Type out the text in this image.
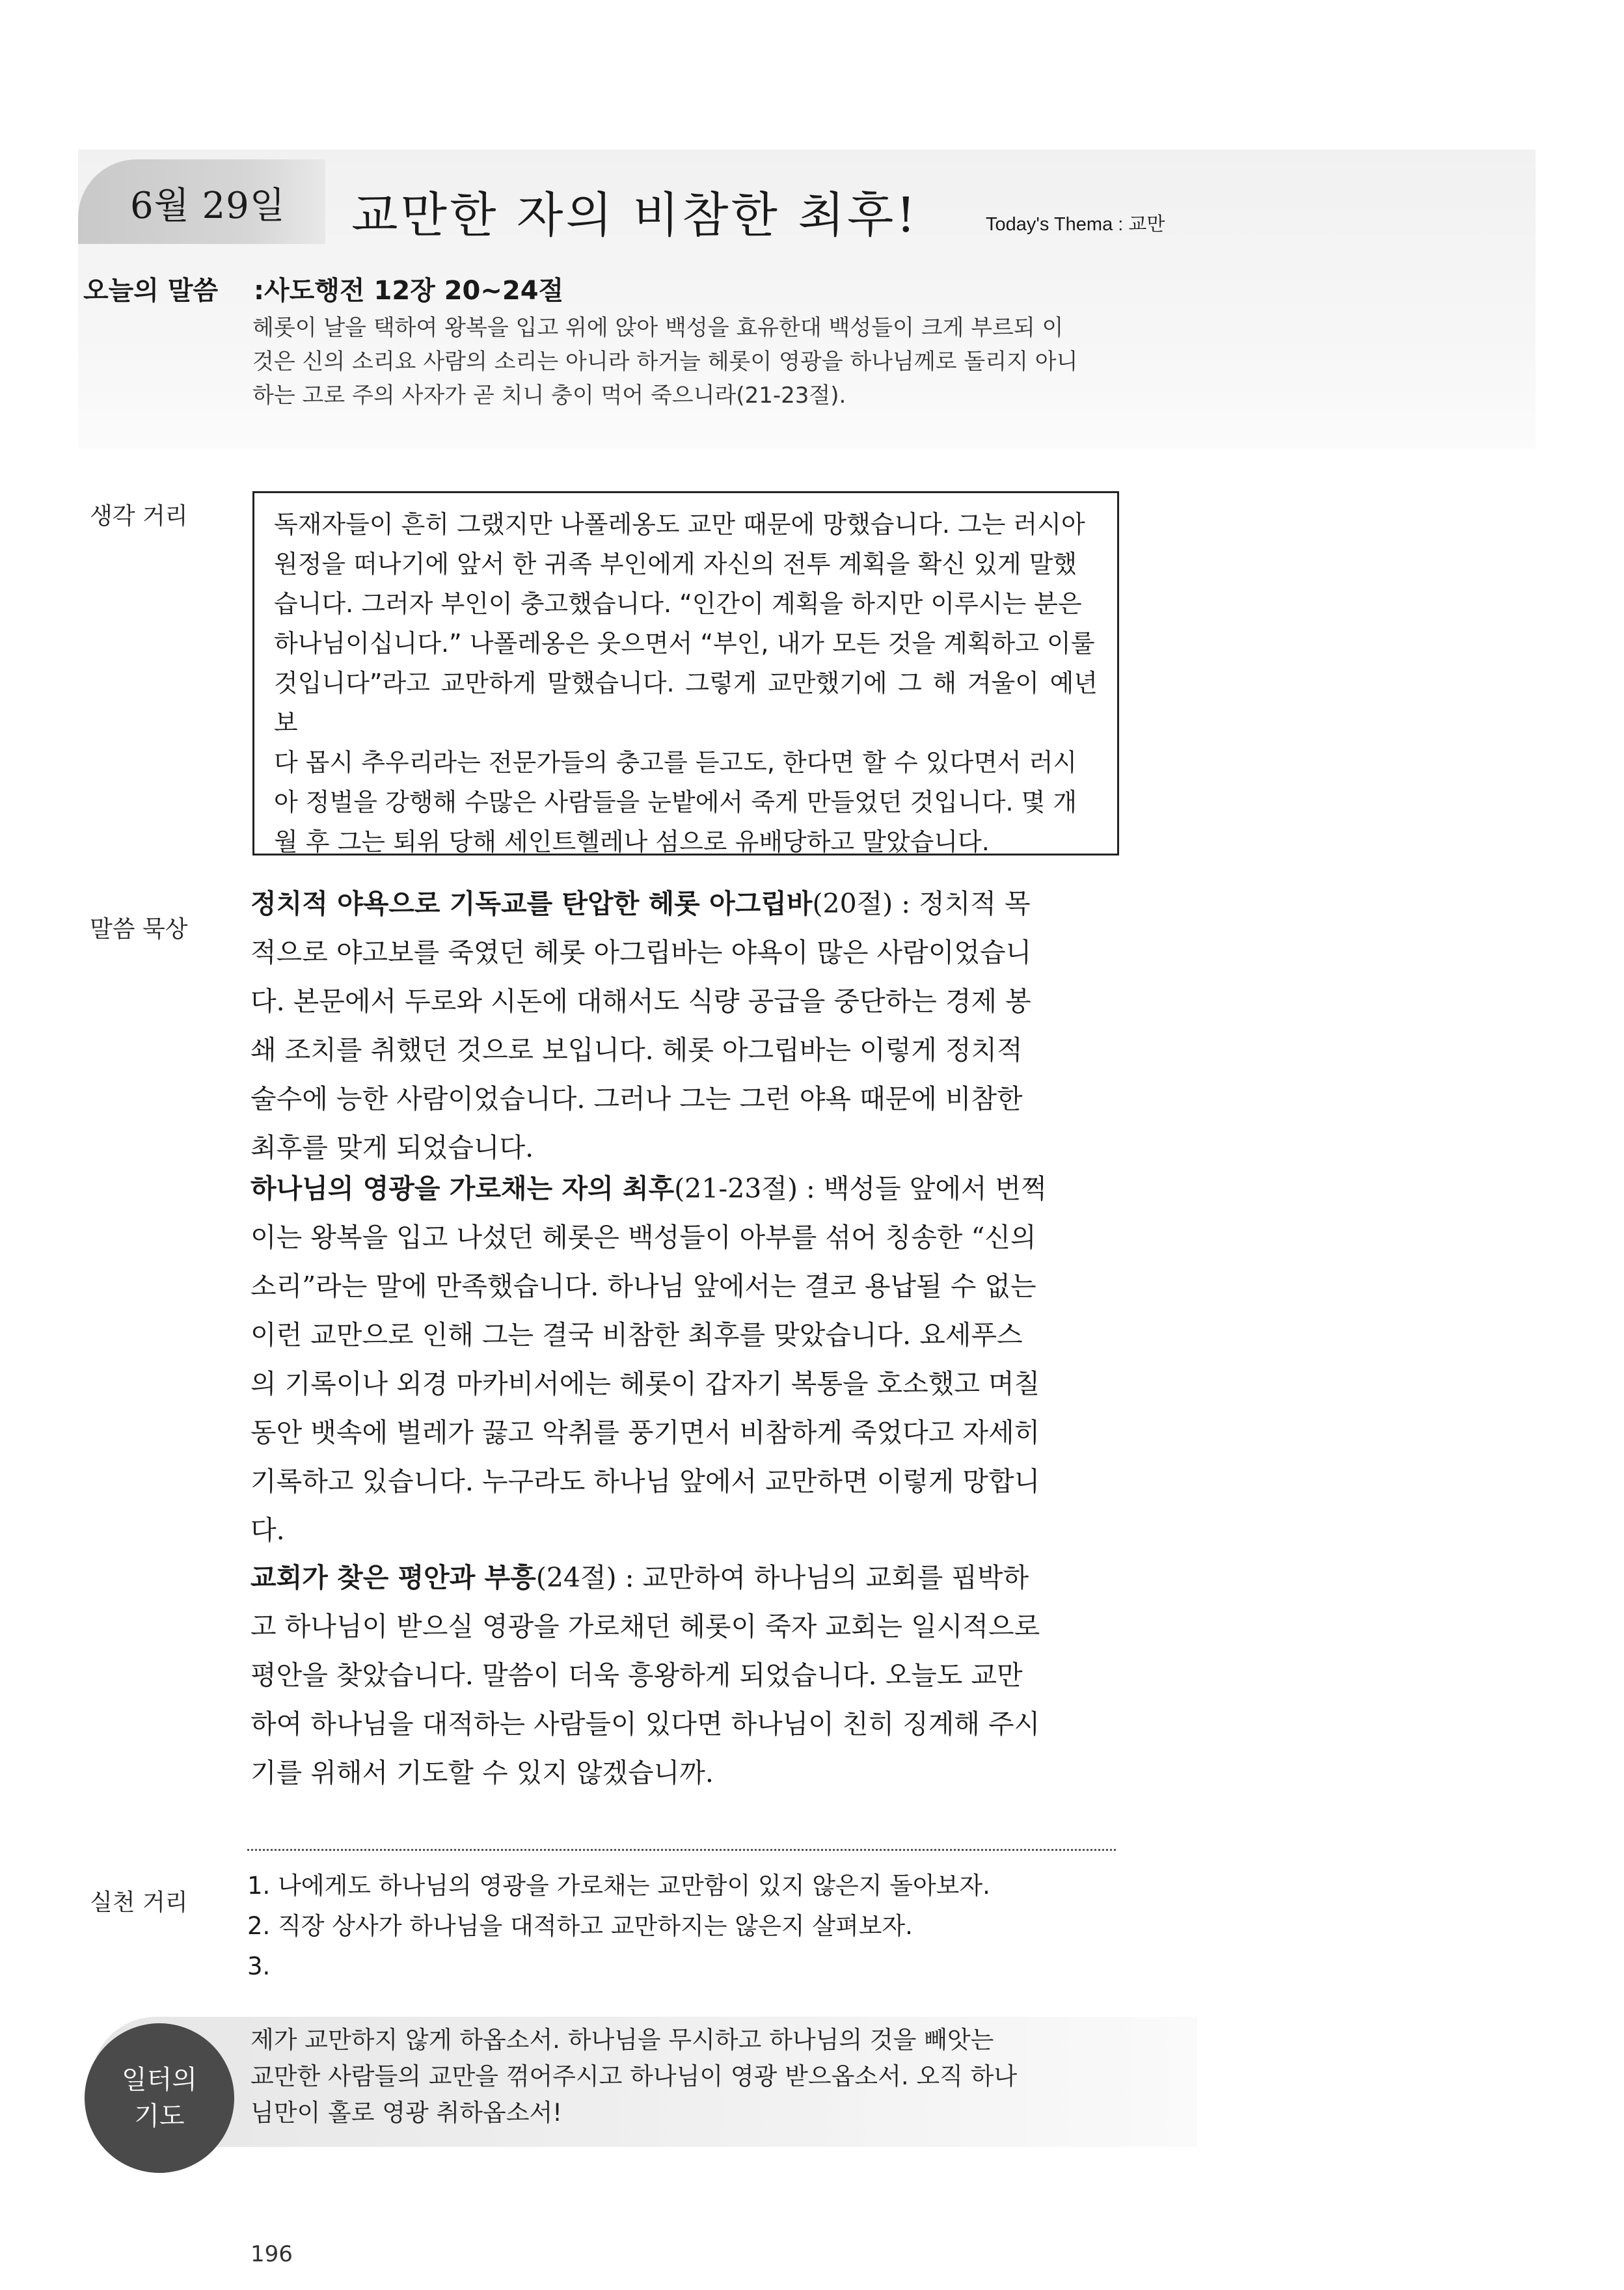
6월 29일 교만한 자의 비참한 최후!	Today's Thema : 교만
오늘의 말씀 :사도행전 12장 20~24절
헤롯이 날을 택하여 왕복을 입고 위에 앉아 백성을 효유한대 백성들이 크게 부르되 이
것은 신의 소리요 사람의 소리는 아니라 하거늘 헤롯이 영광을 하나님께로 돌리지 아니
하는 고로 주의 사자가 곧 치니 충이 먹어 죽으니라(21-23절).
생각 거리	독재자들이 흔히 그랬지만 나폴레옹도 교만 때문에 망했습니다. 그는 러시아
원정을 떠나기에 앞서 한 귀족 부인에게 자신의 전투 계획을 확신 있게 말했
습니다. 그러자 부인이 충고했습니다. “인간이 계획을 하지만 이루시는 분은
하나님이십니다.” 나폴레옹은 웃으면서 “부인, 내가 모든 것을 계획하고 이룰
것입니다”라고 교만하게 말했습니다. 그렇게 교만했기에 그 해 겨울이 예년보
다 몹시 추우리라는 전문가들의 충고를 듣고도, 한다면 할 수 있다면서 러시
아 정벌을 강행해 수많은 사람들을 눈밭에서 죽게 만들었던 것입니다. 몇 개
월 후 그는 퇴위 당해 세인트헬레나 섬으로 유배당하고 말았습니다.
말씀 묵상
정치적 야욕으로 기독교를 탄압한 헤롯 아그립바(20절) : 정치적 목
적으로 야고보를 죽였던 헤롯 아그립바는 야욕이 많은 사람이었습니
다. 본문에서 두로와 시돈에 대해서도 식량 공급을 중단하는 경제 봉
쇄 조치를 취했던 것으로 보입니다. 헤롯 아그립바는 이렇게 정치적
술수에 능한 사람이었습니다. 그러나 그는 그런 야욕 때문에 비참한
최후를 맞게 되었습니다.
하나님의 영광을 가로채는 자의 최후(21-23절) : 백성들 앞에서 번쩍
이는 왕복을 입고 나섰던 헤롯은 백성들이 아부를 섞어 칭송한 “신의
소리”라는 말에 만족했습니다. 하나님 앞에서는 결코 용납될 수 없는
이런 교만으로 인해 그는 결국 비참한 최후를 맞았습니다. 요세푸스
의 기록이나 외경 마카비서에는 헤롯이 갑자기 복통을 호소했고 며칠
동안 뱃속에 벌레가 끓고 악취를 풍기면서 비참하게 죽었다고 자세히
기록하고 있습니다. 누구라도 하나님 앞에서 교만하면 이렇게 망합니
다.
교회가 찾은 평안과 부흥(24절) : 교만하여 하나님의 교회를 핍박하
고 하나님이 받으실 영광을 가로채던 헤롯이 죽자 교회는 일시적으로
평안을 찾았습니다. 말씀이 더욱 흥왕하게 되었습니다. 오늘도 교만
하여 하나님을 대적하는 사람들이 있다면 하나님이 친히 징계해 주시
기를 위해서 기도할 수 있지 않겠습니까.
실천 거리
1. 나에게도 하나님의 영광을 가로채는 교만함이 있지 않은지 돌아보자.
2. 직장 상사가 하나님을 대적하고 교만하지는 않은지 살펴보자.
3.
일터의
기도
제가 교만하지 않게 하옵소서. 하나님을 무시하고 하나님의 것을 빼앗는
교만한 사람들의 교만을 꺾어주시고 하나님이 영광 받으옵소서. 오직 하나
님만이 홀로 영광 취하옵소서!
196
